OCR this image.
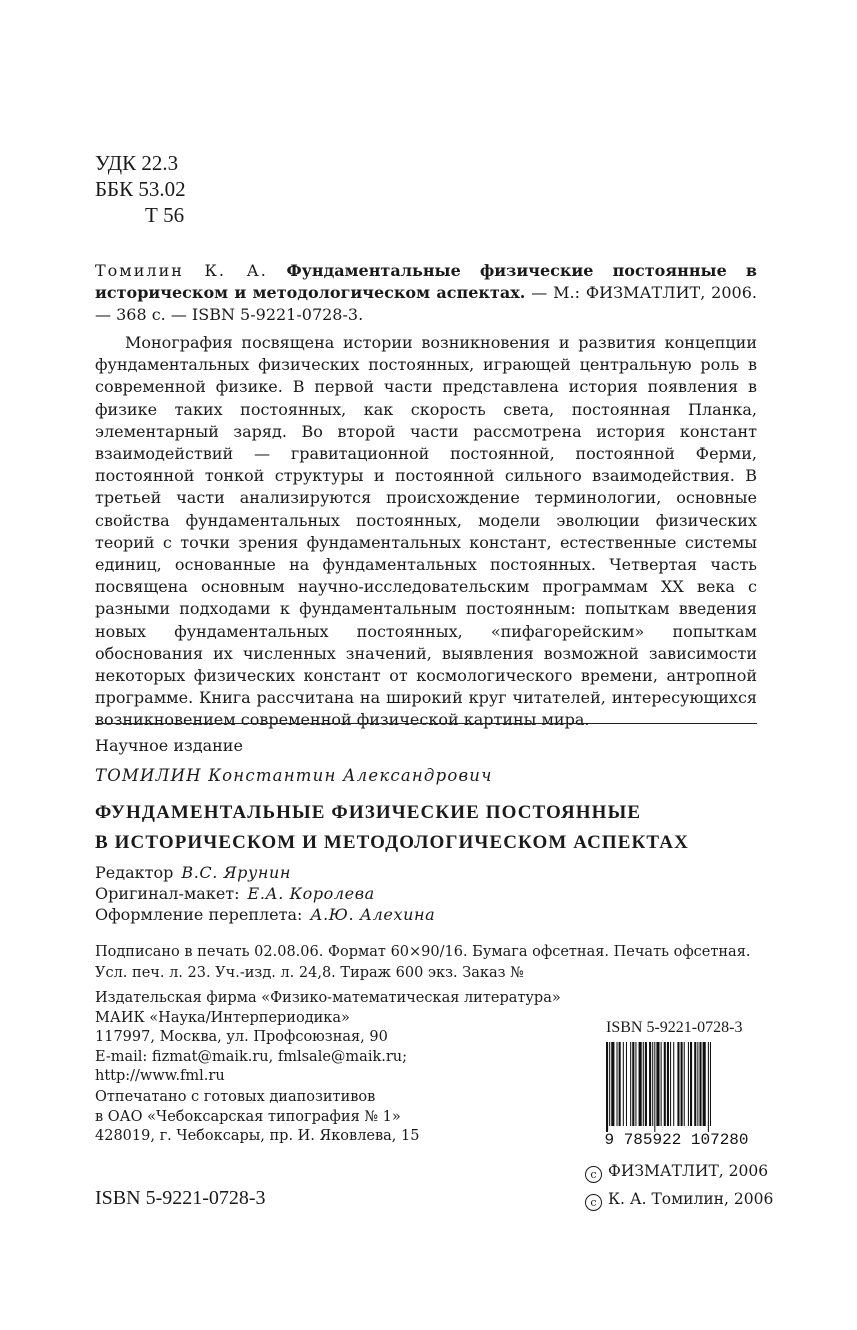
УДК 22.3
ББК 53.02
Т 56
Томилин К. А. Фундаментальные физические постоянные в историческом и методологическом аспектах. — М.: ФИЗМАТЛИТ, 2006. — 368 с. — ISBN 5-9221-0728-3.
Монография посвящена истории возникновения и развития концепции фундаментальных физических постоянных, играющей центральную роль в современной физике. В первой части представлена история появления в физике таких постоянных, как скорость света, постоянная Планка, элементарный заряд. Во второй части рассмотрена история констант взаимодействий — гравитационной постоянной, постоянной Ферми, постоянной тонкой структуры и постоянной сильного взаимодействия. В третьей части анализируются происхождение терминологии, основные свойства фундаментальных постоянных, модели эволюции физических теорий с точки зрения фундаментальных констант, естественные системы единиц, основанные на фундаментальных постоянных. Четвертая часть посвящена основным научно-исследовательским программам XX века с разными подходами к фундаментальным постоянным: попыткам введения новых фундаментальных постоянных, «пифагорейским» попыткам обоснования их численных значений, выявления возможной зависимости некоторых физических констант от космологического времени, антропной программе. Книга рассчитана на широкий круг читателей, интересующихся возникновением современной физической картины мира.
Научное издание
ТОМИЛИН Константин Александрович
ФУНДАМЕНТАЛЬНЫЕ ФИЗИЧЕСКИЕ ПОСТОЯННЫЕ
В ИСТОРИЧЕСКОМ И МЕТОДОЛОГИЧЕСКОМ АСПЕКТАХ
Редактор В.С. Ярунин
Оригинал-макет: Е.А. Королева
Оформление переплета: А.Ю. Алехина
Подписано в печать 02.08.06. Формат 60×90/16. Бумага офсетная. Печать офсетная.
Усл. печ. л. 23. Уч.-изд. л. 24,8. Тираж 600 экз. Заказ №
Издательская фирма «Физико-математическая литература»
МАИК «Наука/Интерпериодика»
117997, Москва, ул. Профсоюзная, 90
E-mail: fizmat@maik.ru, fmlsale@maik.ru;
http://www.fml.ru
Отпечатано с готовых диапозитивов
в ОАО «Чебоксарская типография № 1»
428019, г. Чебоксары, пр. И. Яковлева, 15
ISBN 5-9221-0728-3
9 785922 107280
c ФИЗМАТЛИТ, 2006
c К. А. Томилин, 2006
ISBN 5-9221-0728-3
